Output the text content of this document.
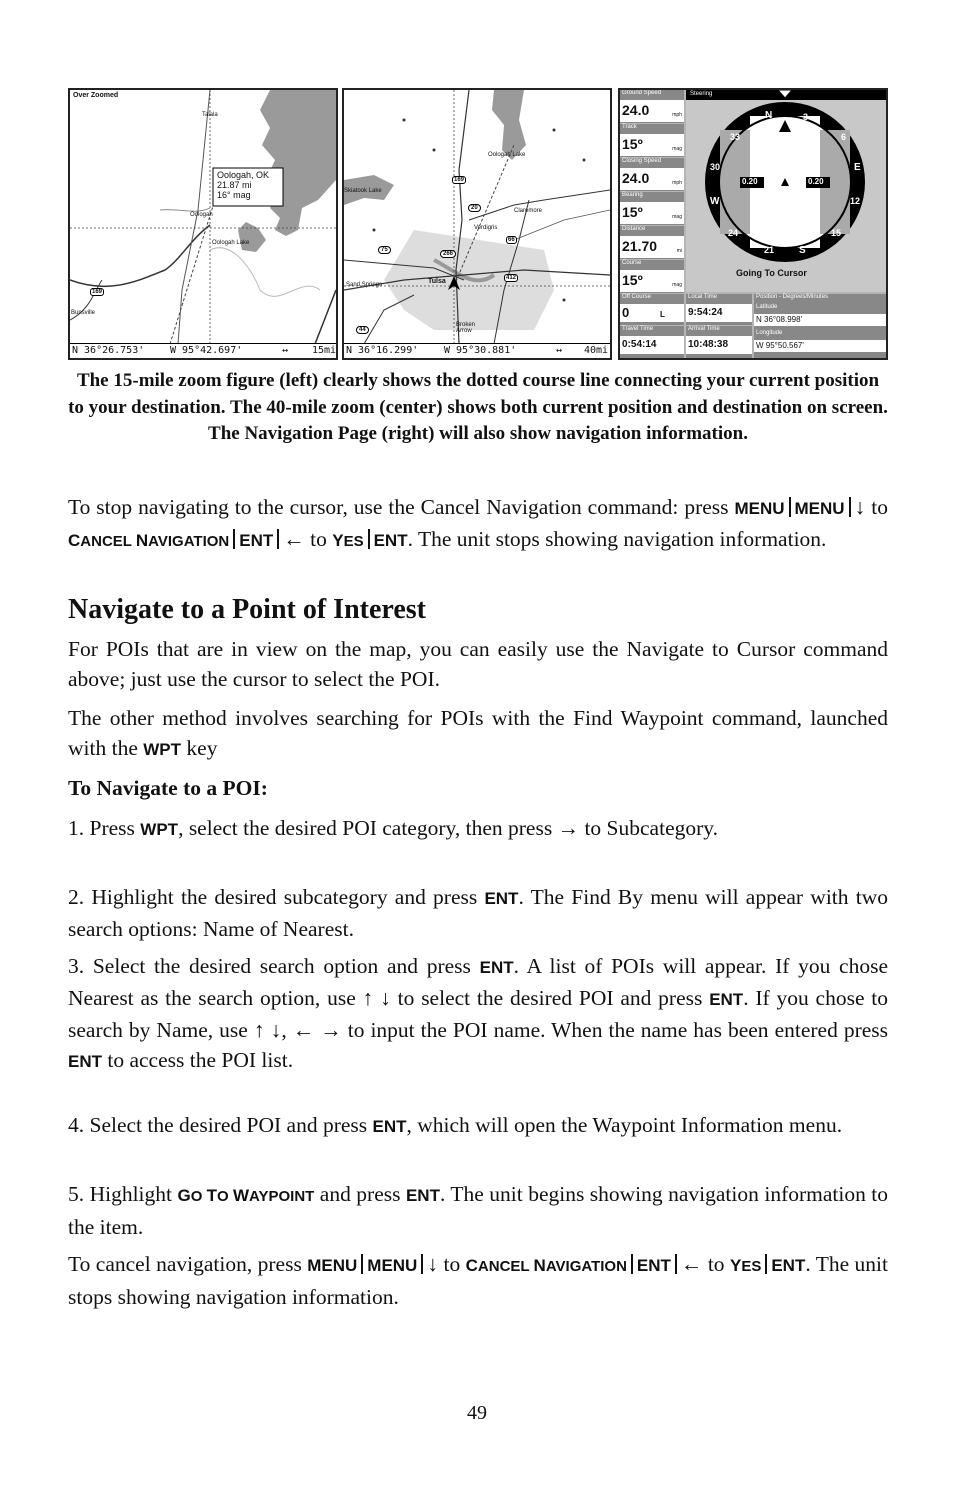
Over Zoomed
Talala
Oologah
Oologah Lake
Bunsville
169
Oologah, OK
21.87 mi
16° mag
N 36°26.753'	W 95°42.697'	↔ 15mi
Oologah Lake
Skiatook Lake
Claremore
Verdigris
Tulsa
Sand Springs
Broken Arrow
169
20
66
75
266
412
44
N 36°16.299'	W 95°30.881'	↔ 40mi
Ground Speed
24.0	mph
Track
15º	mag
Closing Speed
24.0	mph
Bearing
15º	mag
Distance
21.70	mi
Course
15º	mag
Steering
N	3
6
E
12
15
S
21
24
W
30
33
0.20	0.20
Going To Cursor
Off Course
0	L
Travel Time
0:54:14
Local Time
9:54:24
Arrival Time
10:48:38
Position - Degrees/Minutes
Latitude
N 36°08.998'
Longitude
W 95°50.567'
The 15-mile zoom figure (left) clearly shows the dotted course line connecting your current position to your destination. The 40-mile zoom (center) shows both current position and destination on screen. The Navigation Page (right) will also show navigation information.
To stop navigating to the cursor, use the Cancel Navigation command: press MENU MENU ↓ to CANCEL NAVIGATION ENT ← to YES ENT. The unit stops showing navigation information.
Navigate to a Point of Interest
For POIs that are in view on the map, you can easily use the Navigate to Cursor command above; just use the cursor to select the POI.
The other method involves searching for POIs with the Find Waypoint command, launched with the WPT key
To Navigate to a POI:
1. Press WPT, select the desired POI category, then press → to Subcategory.
2. Highlight the desired subcategory and press ENT. The Find By menu will appear with two search options: Name of Nearest.
3. Select the desired search option and press ENT. A list of POIs will appear. If you chose Nearest as the search option, use ↑ ↓ to select the desired POI and press ENT. If you chose to search by Name, use ↑ ↓, ← → to input the POI name. When the name has been entered press ENT to access the POI list.
4. Select the desired POI and press ENT, which will open the Waypoint Information menu.
5. Highlight GO TO WAYPOINT and press ENT. The unit begins showing navigation information to the item.
To cancel navigation, press MENU MENU ↓ to CANCEL NAVIGATION ENT ← to YES ENT. The unit stops showing navigation information.
49
